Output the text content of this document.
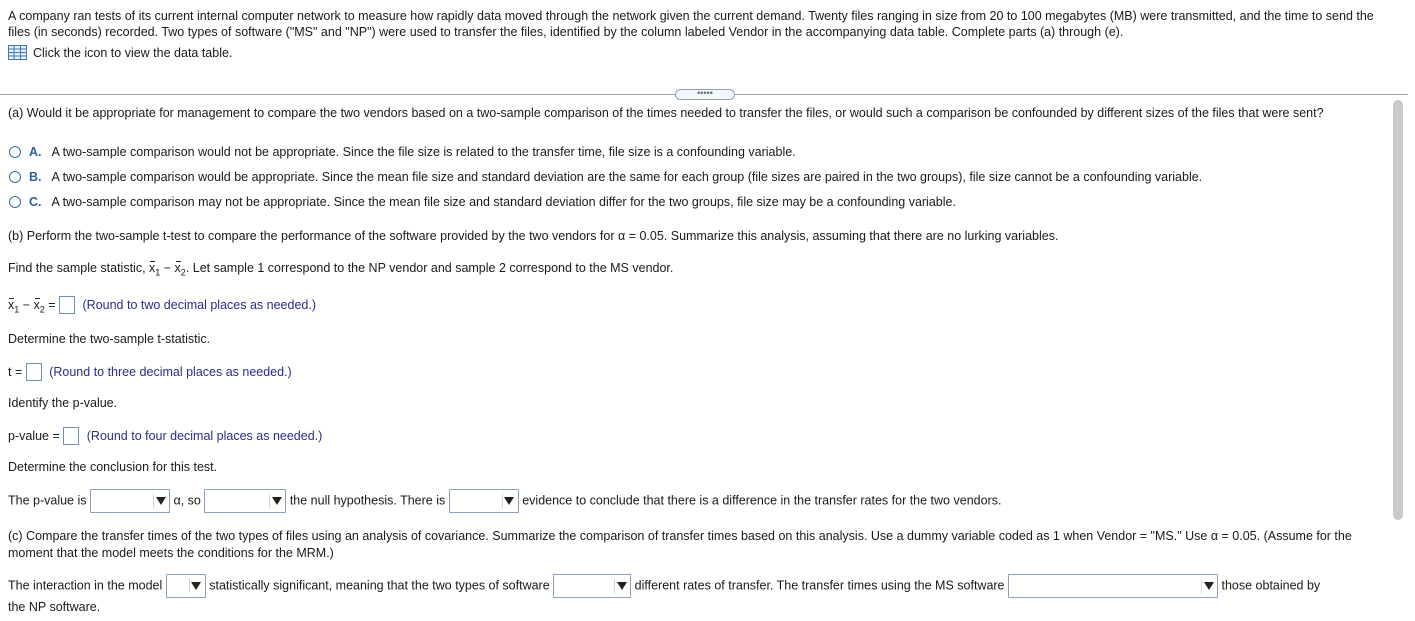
A company ran tests of its current internal computer network to measure how rapidly data moved through the network given the current demand. Twenty files ranging in size from 20 to 100 megabytes (MB) were transmitted, and the time to send the files (in seconds) recorded. Two types of software ("MS" and "NP") were used to transfer the files, identified by the column labeled Vendor in the accompanying data table. Complete parts (a) through (e).
Click the icon to view the data table.
•••••
(a) Would it be appropriate for management to compare the two vendors based on a two-sample comparison of the times needed to transfer the files, or would such a comparison be confounded by different sizes of the files that were sent?
A. A two-sample comparison would not be appropriate. Since the file size is related to the transfer time, file size is a confounding variable.
B. A two-sample comparison would be appropriate. Since the mean file size and standard deviation are the same for each group (file sizes are paired in the two groups), file size cannot be a confounding variable.
C. A two-sample comparison may not be appropriate. Since the mean file size and standard deviation differ for the two groups, file size may be a confounding variable.
(b) Perform the two-sample t-test to compare the performance of the software provided by the two vendors for α = 0.05. Summarize this analysis, assuming that there are no lurking variables.
Find the sample statistic, $x_1 - x_2$. Let sample 1 correspond to the NP vendor and sample 2 correspond to the MS vendor.
$x_1 - x_2$ =  (Round to two decimal places as needed.)
Determine the two-sample t-statistic.
t = (Round to three decimal places as needed.)
Identify the p-value.
p-value = (Round to four decimal places as needed.)
Determine the conclusion for this test.
The p-value is	α, so	the null hypothesis. There is	evidence to conclude that there is a difference in the transfer rates for the two vendors.
(c) Compare the transfer times of the two types of files using an analysis of covariance. Summarize the comparison of transfer times based on this analysis. Use a dummy variable coded as 1 when Vendor = "MS." Use α = 0.05. (Assume for the moment that the model meets the conditions for the MRM.)
The interaction in the model	statistically significant, meaning that the two types of software	different rates of transfer. The transfer times using the MS software	those obtained by
the NP software.
